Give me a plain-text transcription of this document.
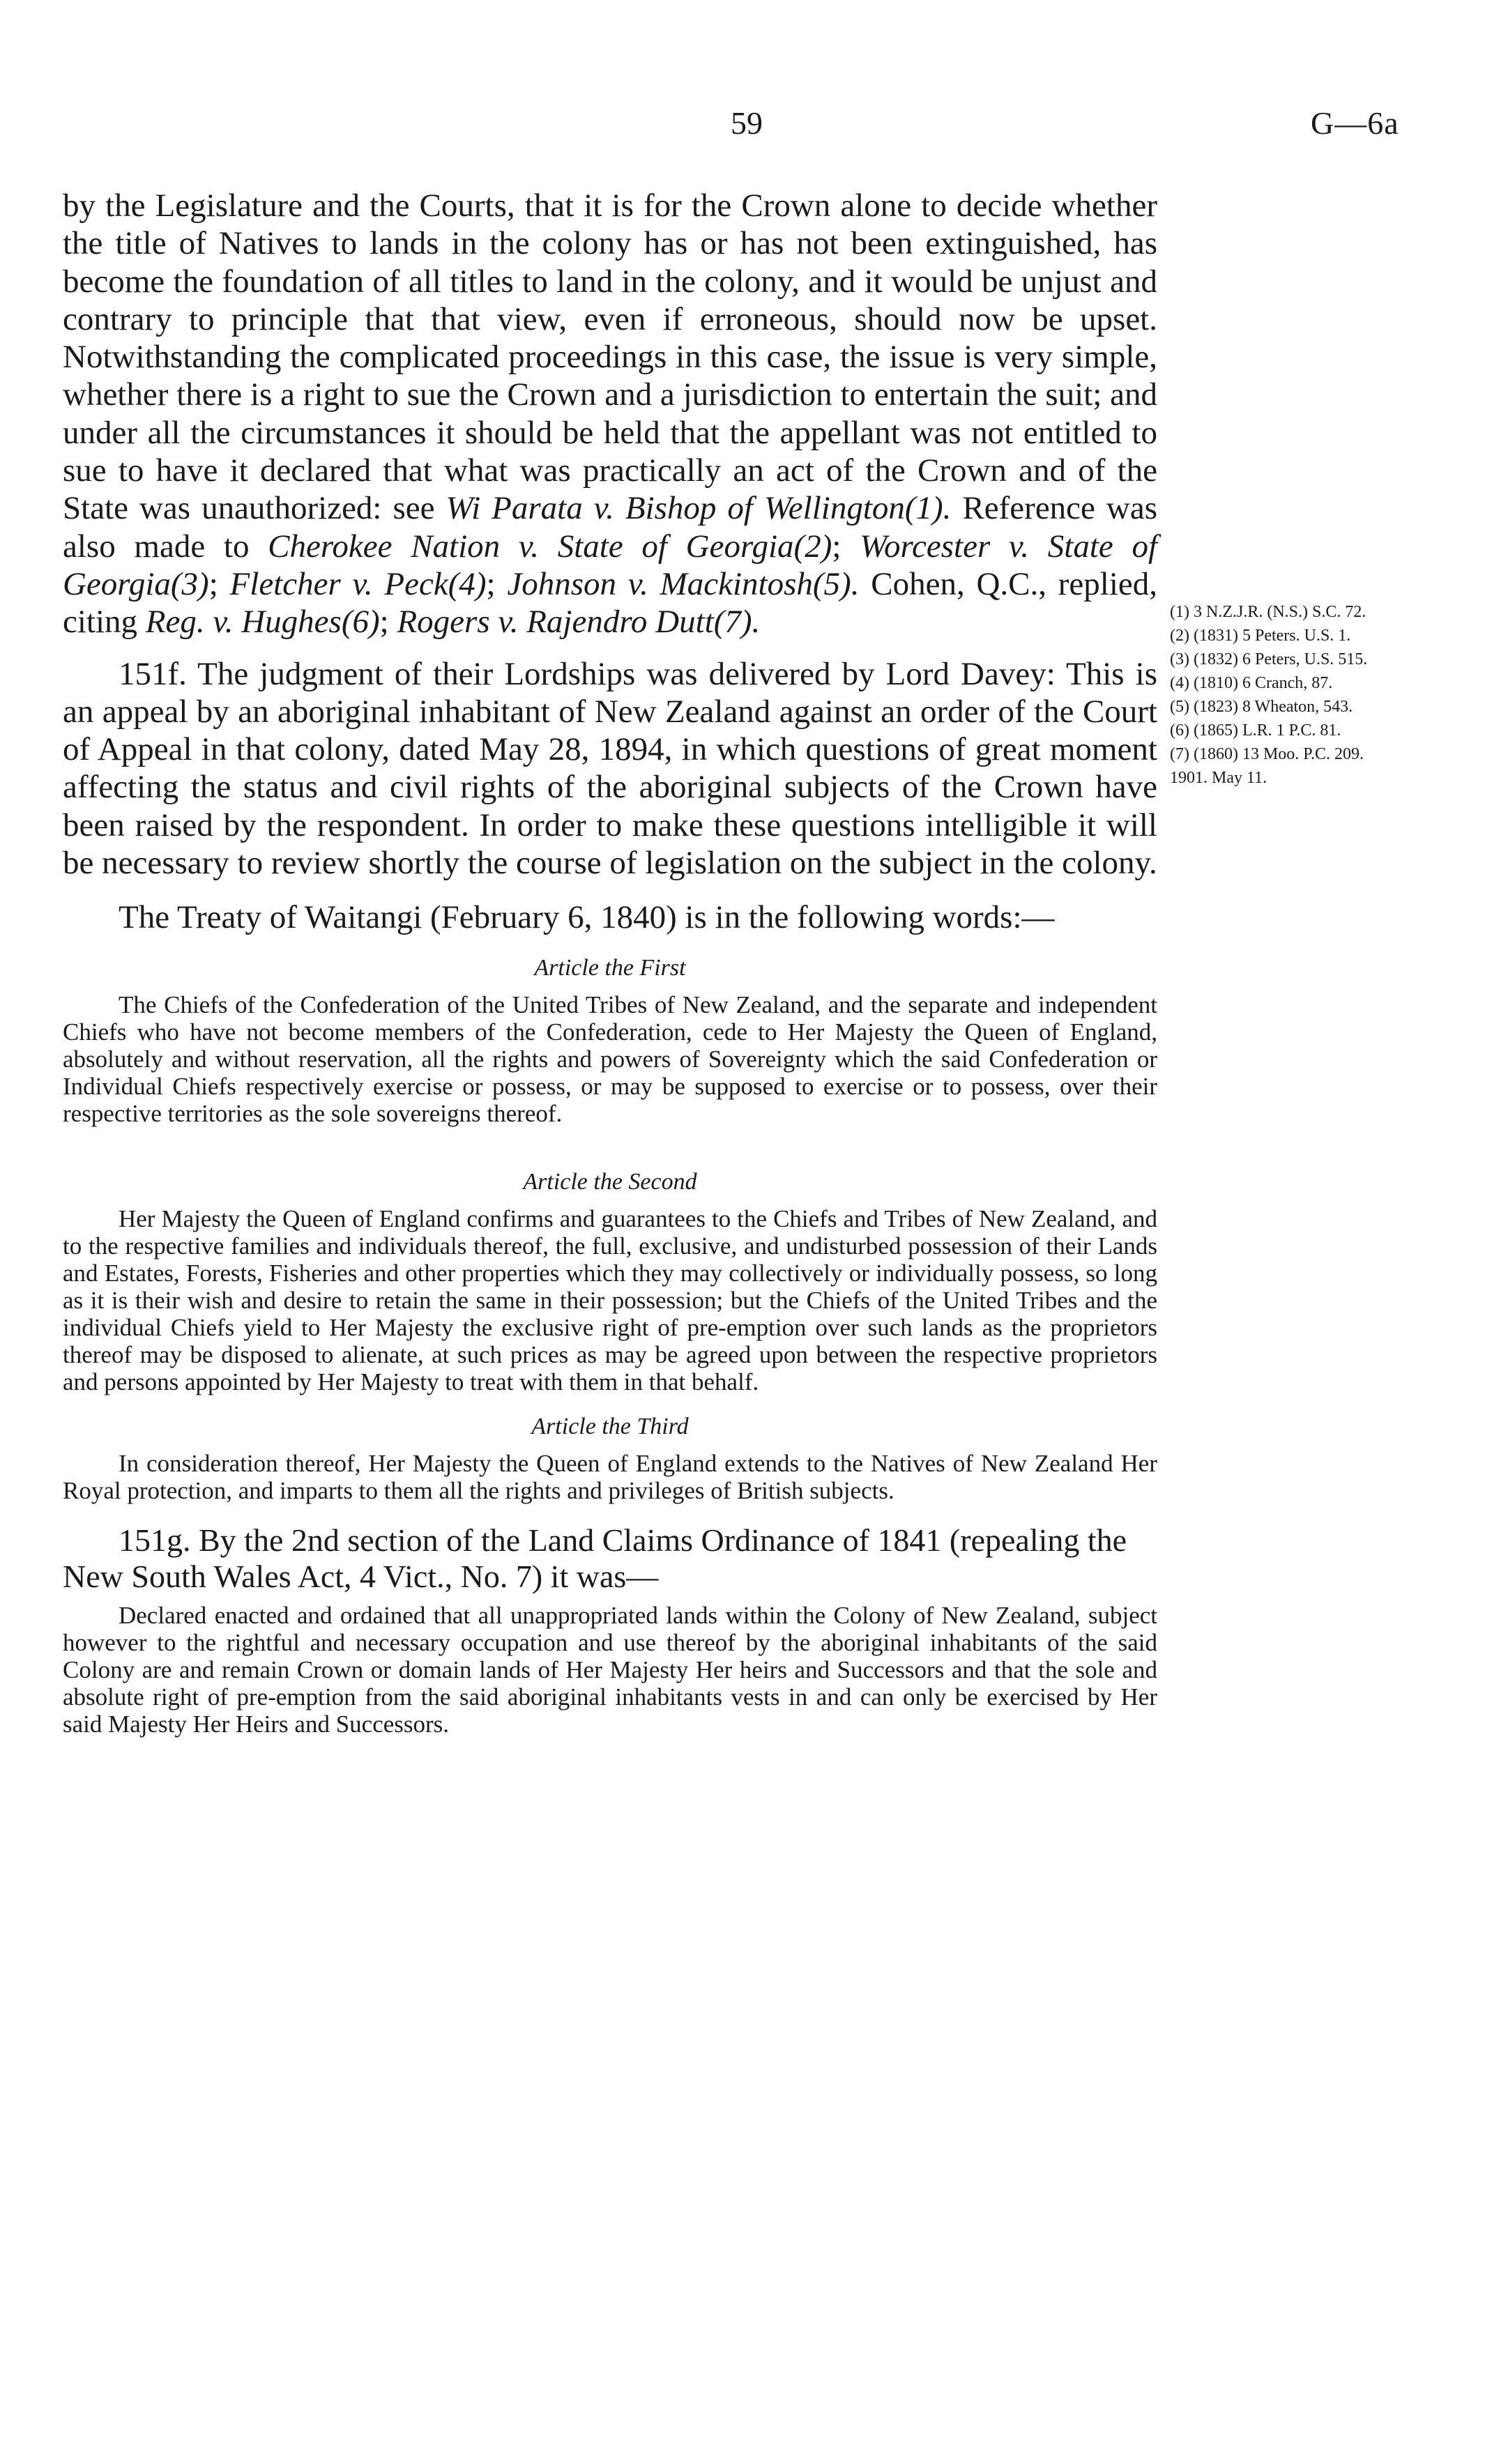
59	G—6a

by the Legislature and the Courts, that it is for the Crown alone to decide whether the title of Natives to lands in the colony has or has not been extinguished, has become the foundation of all titles to land in the colony, and it would be unjust and contrary to principle that that view, even if erroneous, should now be upset. Notwithstanding the complicated proceedings in this case, the issue is very simple, whether there is a right to sue the Crown and a jurisdiction to entertain the suit; and under all the circumstances it should be held that the appellant was not entitled to sue to have it declared that what was practically an act of the Crown and of the State was unauthorized: see Wi Parata v. Bishop of Wellington(1). Reference was also made to Cherokee Nation v. State of Georgia(2); Worcester v. State of Georgia(3); Fletcher v. Peck(4); Johnson v. Mackintosh(5). Cohen, Q.C., replied, citing Reg. v. Hughes(6); Rogers v. Rajendro Dutt(7).

151f. The judgment of their Lordships was delivered by Lord Davey: This is an appeal by an aboriginal inhabitant of New Zealand against an order of the Court of Appeal in that colony, dated May 28, 1894, in which questions of great moment affecting the status and civil rights of the aboriginal subjects of the Crown have been raised by the respondent. In order to make these questions intelligible it will be necessary to review shortly the course of legislation on the subject in the colony.

The Treaty of Waitangi (February 6, 1840) is in the following words:—

Article the First

The Chiefs of the Confederation of the United Tribes of New Zealand, and the separate and independent Chiefs who have not become members of the Confederation, cede to Her Majesty the Queen of England, absolutely and without reservation, all the rights and powers of Sovereignty which the said Confederation or Individual Chiefs respectively exercise or possess, or may be supposed to exercise or to possess, over their respective territories as the sole sovereigns thereof.

Article the Second

Her Majesty the Queen of England confirms and guarantees to the Chiefs and Tribes of New Zealand, and to the respective families and individuals thereof, the full, exclusive, and undisturbed possession of their Lands and Estates, Forests, Fisheries and other properties which they may collectively or individually possess, so long as it is their wish and desire to retain the same in their possession; but the Chiefs of the United Tribes and the individual Chiefs yield to Her Majesty the exclusive right of pre-emption over such lands as the proprietors thereof may be disposed to alienate, at such prices as may be agreed upon between the respective proprietors and persons appointed by Her Majesty to treat with them in that behalf.

Article the Third

In consideration thereof, Her Majesty the Queen of England extends to the Natives of New Zealand Her Royal protection, and imparts to them all the rights and privileges of British subjects.

151g. By the 2nd section of the Land Claims Ordinance of 1841 (repealing the New South Wales Act, 4 Vict., No. 7) it was—

Declared enacted and ordained that all unappropriated lands within the Colony of New Zealand, subject however to the rightful and necessary occupation and use thereof by the aboriginal inhabitants of the said Colony are and remain Crown or domain lands of Her Majesty Her heirs and Successors and that the sole and absolute right of pre-emption from the said aboriginal inhabitants vests in and can only be exercised by Her said Majesty Her Heirs and Successors.

(1) 3 N.Z.J.R. (N.S.) S.C. 72.
(2) (1831) 5 Peters. U.S. 1.
(3) (1832) 6 Peters, U.S. 515.
(4) (1810) 6 Cranch, 87.
(5) (1823) 8 Wheaton, 543.
(6) (1865) L.R. 1 P.C. 81.
(7) (1860) 13 Moo. P.C. 209.
1901. May 11.
